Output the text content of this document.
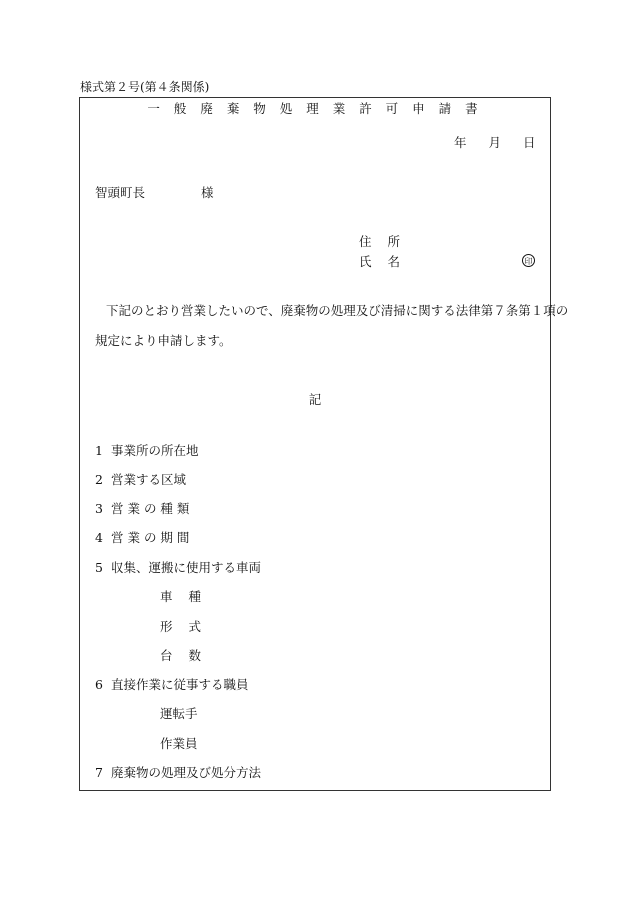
様式第２号(第４条関係)
一 般 廃 棄 物 処 理 業 許 可 申 請 書
年 月 日
智頭町長	様
住 所
氏 名	印
下記のとおり営業したいので、廃棄物の処理及び清掃に関する法律第７条第１項の
規定により申請します。
記
1 事業所の所在地
2 営業する区域
3 営 業 の 種 類
4 営 業 の 期 間
5 収集、運搬に使用する車両
車 種
形 式
台 数
6 直接作業に従事する職員
運転手
作業員
7 廃棄物の処理及び処分方法
